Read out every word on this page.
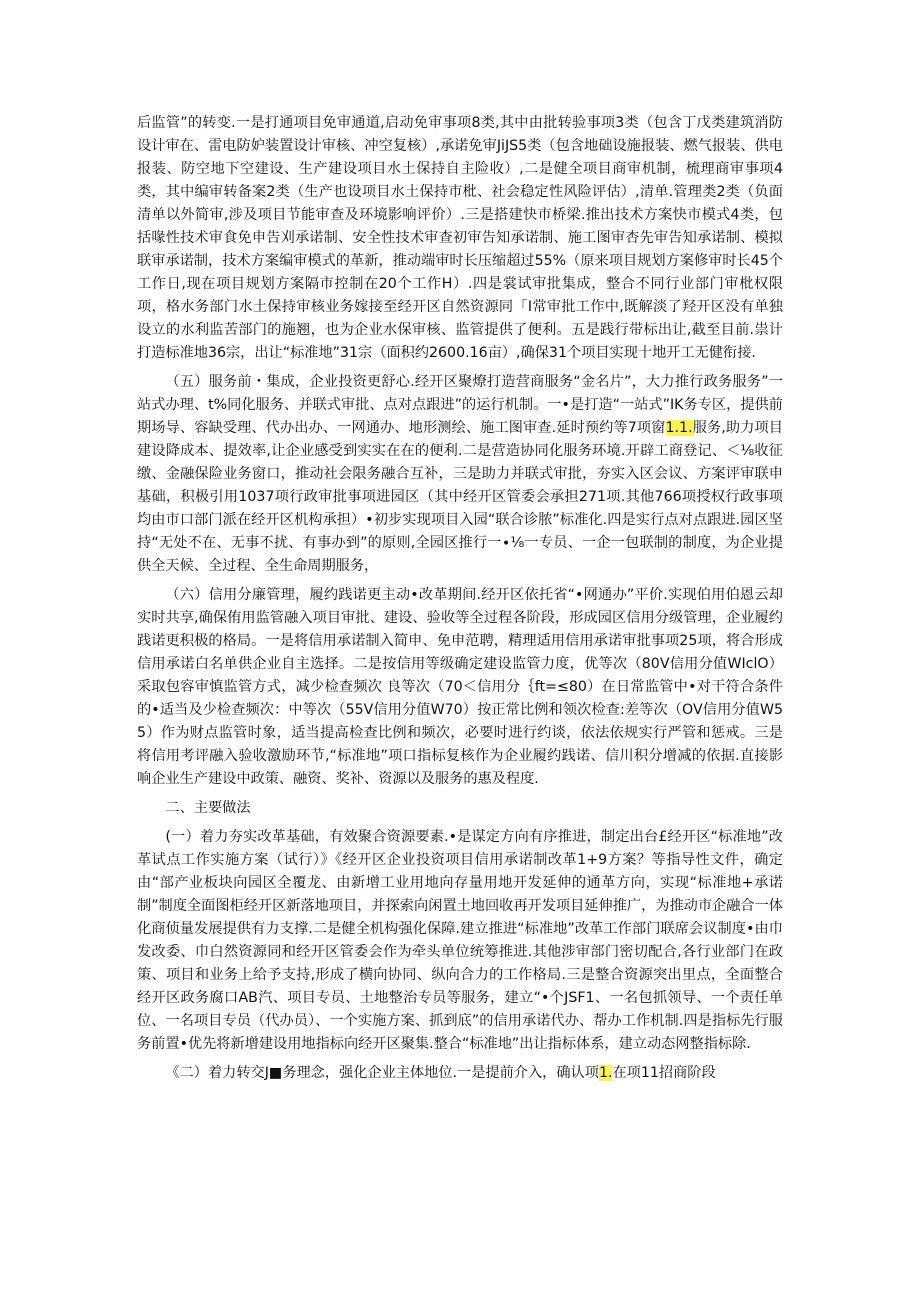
后监管”的转变.一是打通项目免审通道,启动免审事项8类,其中由批转验事项3类（包含丁戊类建筑消防设计审在、雷电防妒装置设计审核、冲空复核）,承诺免审JiJS5类（包含地础设施报装、燃气报装、供电报装、防空地下空建设、生产建设项目水土保持自主险收）,二是健全项目商审机制，梳理商审事项4类，其中编审转备案2类（生产也设项目水土保持市枇、社会稳定性风险评估）,清单.管理类2类（负面清单以外简审,涉及项目节能审查及环境影响评价）.三是搭建快市桥梁.推出技术方案快市模式4类，包括喙性技术审食免申告刈承诺制、安全性技术审查初审告知承诺制、施工图审杏先审告知承诺制、模拟联审承诺制，技术方案编审模式的革新，推动端审时长压缩超过55%（原来项目规划方案修审时长45个工作日,现在项目规划方案隔市控制在20个工作H）.四是裳试审批集成，整合不同行业部门审枇权限项，格水务部门水土保持审核业务嫁接至经开区自然资源同「I常审批工作中,既解淡了羟开区没有单独设立的水利监苦部门的施翘，也为企业水保审核、监管提供了便利。五是践行带标出让,截至目前.祟计打造标准地36宗，出让“标准地”31宗（面积约2600.16亩）,确保31个项目实现十地开工无健衔接.

（五）服务前・集成，企业投资更舒心.经开区聚燎打造营商服务“金名片”，大力推行政务服务”一站式办理、t%同化服务、并联式审批、点对点跟进”的运行机制。一•是打造“一站式”IK务专区，提供前期场导、容缺受理、代办出办、一网通办、地形测绘、施工图审查.延时预约等7项窗1.1.服务,助力项目建设降成本、提效率,让企业感受到实实在在的便利.二是营造协同化服务环境.开辟工商登记、＜⅛收征缴、金融保险业务窗口，推动社会限务融合互补，三是助力并联式审批，夯实入区会议、方案评审联申基础，积极引用1037项行政审批事项进园区（其中经开区管委会承担271项.其他766项授权行政事项均由市口部门派在经开区机构承担）•初步实现项目入园“联合诊脓”标准化.四是实行点对点跟进.园区坚持“无处不在、无事不扰、有事办到”的原则,全园区推行一∙⅛一专员、一企一包联制的制度，为企业提供全天候、全过程、全生命周期服务，

（六）信用分廉管理，履约践诺更主动•改革期间.经开区依托省“•网通办”平价.实现伯用伯恩云却实时共享,确保侑用监管融入项目审批、建设、验收等全过程各阶段，形成园区信用分级管理，企业履约践诺更积极的格局。一是将信用承诺制入简申、免申范聘，精理适用信用承诺审批事项25项，将合形成信用承诺白名单供企业自主选择。二是按信用等级确定建设监管力度，优等次（80V信用分值WIclO）采取包容审慎监管方式，减少检查频次 良等次（70＜信用分｛ft=≤80）在日常监管中•对干符合条件的•适当及少检查频次：中等次（55V信用分值W70）按正常比例和领次检查:差等次（OV信用分值W55）作为财点监管时象，适当提高检查比例和频次，必要时进行约谈，依法依规实行严管和惩戒。三是将信用考评融入验收激励环节,“标准地”项口指标复核作为企业履约践诺、信川积分增减的依据.直接影响企业生产建设中政策、融资、奖补、资源以及服务的惠及程度.

二、主要做法

(一）着力夯实改革基础，有效聚合资源要素.•是谋定方向有序推进，制定出台£经开区“标准地”改革试点工作实施方案（试行）》《经开区企业投资项目信用承诺制改革1+9方案？等指导性文件，确定由“部产业板块向园区全覆龙、由新增工业用地向存量用地开发延伸的通革方向，实现“标准地+承诺制”制度全面图柜经开区新落地项目，并探索向闲置土地回收再开发项目延伸推广，为推动市企融合一体化商侦量发展提供有力支撑.二是健全机构强化保障.建立推进“标准地”改革工作部门联席会议制度•由巾发改委、巾白然资源同和经开区管委会作为牵头单位统筹推进.其他涉审部门密切配合,各行业部门在政策、项目和业务上给予支持,形成了横向协同、纵向合力的工作格局.三是整合资源突出里点，全面整合经开区政务腐口AB汽、项目专员、土地整治专员等服务，建立“•个JSF1、一名包抓领导、一个责任单位、一名项目专员（代办员）、一个实施方案、抓到底”的信用承诺代办、帮办工作机制.四是指标先行服务前置•优先将新增建设用地指标向经开区聚集.整合“标准地”出让指标体系，建立动态网整指标除.

《二）着力转交J■务理念，强化企业主体地位.一是提前介入，确认项1.在项11招商阶段
